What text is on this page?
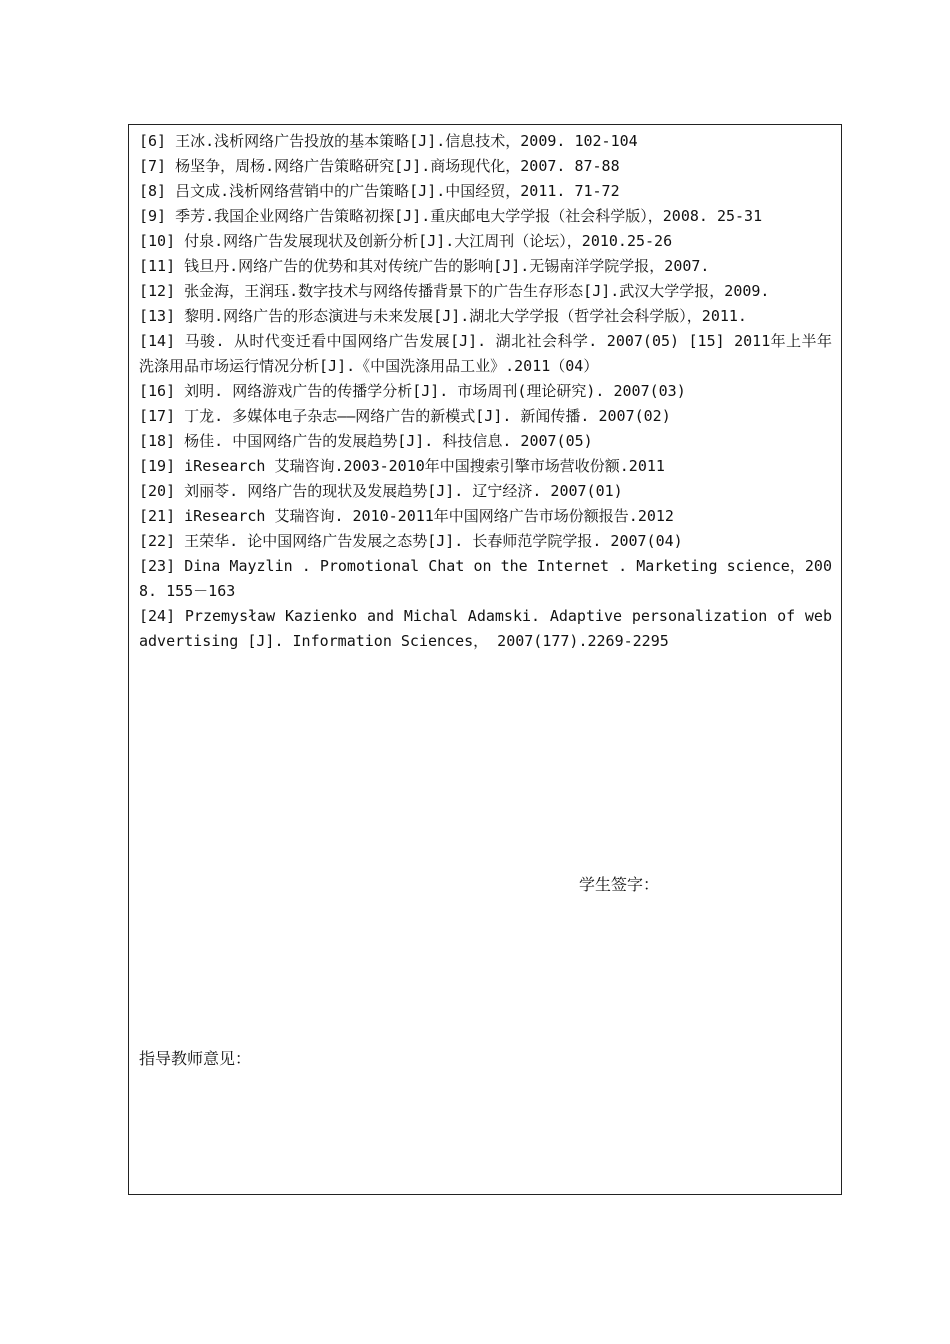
[6] 王冰.浅析网络广告投放的基本策略[J].信息技术，2009. 102-104
[7] 杨坚争，周杨.网络广告策略研究[J].商场现代化，2007. 87-88
[8] 吕文成.浅析网络营销中的广告策略[J].中国经贸，2011. 71-72
[9] 季芳.我国企业网络广告策略初探[J].重庆邮电大学学报（社会科学版），2008. 25-31
[10] 付泉.网络广告发展现状及创新分析[J].大江周刊（论坛），2010.25-26
[11] 钱旦丹.网络广告的优势和其对传统广告的影响[J].无锡南洋学院学报，2007.
[12] 张金海，王润珏.数字技术与网络传播背景下的广告生存形态[J].武汉大学学报，2009.
[13] 黎明.网络广告的形态演进与未来发展[J].湖北大学学报（哲学社会科学版），2011.
[14] 马骏. 从时代变迁看中国网络广告发展[J]. 湖北社会科学. 2007(05) [15] 2011年上半年洗涤用品市场运行情况分析[J].《中国洗涤用品工业》.2011（04）
[16] 刘明. 网络游戏广告的传播学分析[J]. 市场周刊(理论研究). 2007(03)
[17] 丁龙. 多媒体电子杂志——网络广告的新模式[J]. 新闻传播. 2007(02)
[18] 杨佳. 中国网络广告的发展趋势[J]. 科技信息. 2007(05)
[19] iResearch 艾瑞咨询.2003-2010年中国搜索引擎市场营收份额.2011
[20] 刘丽苓. 网络广告的现状及发展趋势[J]. 辽宁经济. 2007(01)
[21] iResearch 艾瑞咨询. 2010-2011年中国网络广告市场份额报告.2012
[22] 王荣华. 论中国网络广告发展之态势[J]. 长春师范学院学报. 2007(04)
[23] Dina Mayzlin . Promotional Chat on the Internet . Marketing science，2008. 155－163
[24] Przemysław Kazienko and Michal Adamski. Adaptive personalization of web advertising [J]. Information Sciences， 2007(177).2269-2295
学生签字：
指导教师意见：
